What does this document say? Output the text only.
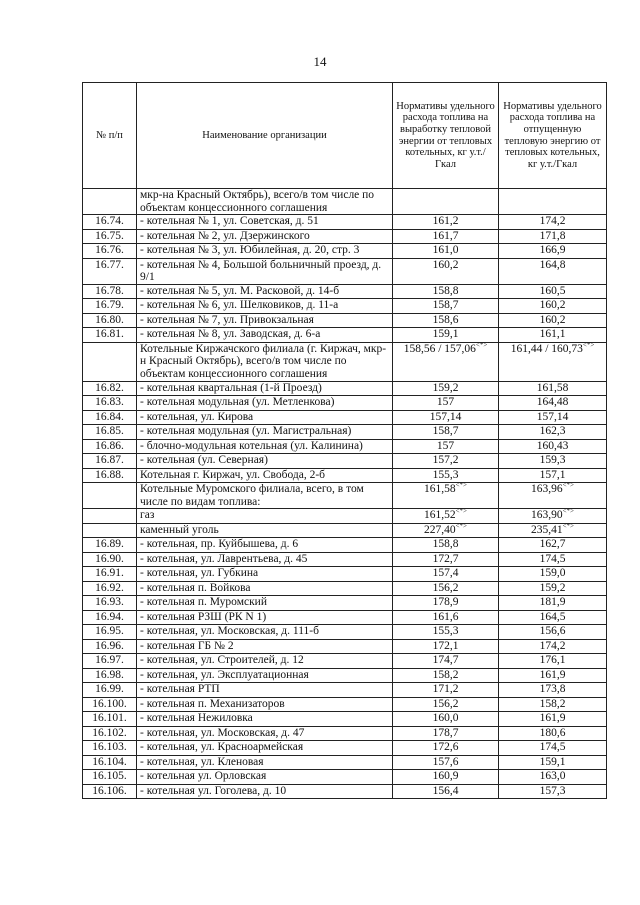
14
№ п/п	Наименование организации	Нормативы удельного расхода топлива на выработку тепловой энергии от тепловых котельных, кг у.т./Гкал	Нормативы удельного расхода топлива на отпущенную тепловую энергию от тепловых котельных, кг у.т./Гкал
	мкр-на Красный Октябрь), всего/в том числе по объектам концессионного соглашения		
16.74.	- котельная № 1, ул. Советская, д. 51	161,2	174,2
16.75.	- котельная № 2, ул. Дзержинского	161,7	171,8
16.76.	- котельная № 3, ул. Юбилейная, д. 20, стр. 3	161,0	166,9
16.77.	- котельная № 4, Большой больничный проезд, д. 9/1	160,2	164,8
16.78.	- котельная № 5, ул. М. Расковой, д. 14-б	158,8	160,5
16.79.	- котельная № 6, ул. Шелковиков, д. 11-а	158,7	160,2
16.80.	- котельная № 7, ул. Привокзальная	158,6	160,2
16.81.	- котельная № 8, ул. Заводская, д. 6-а	159,1	161,1
	Котельные Киржачского филиала (г. Киржач, мкр-н Красный Октябрь), всего/в том числе по объектам концессионного соглашения	158,56 / 157,06<*>	161,44 / 160,73<*>
16.82.	- котельная квартальная (1-й Проезд)	159,2	161,58
16.83.	- котельная модульная (ул. Метленкова)	157	164,48
16.84.	- котельная, ул. Кирова	157,14	157,14
16.85.	- котельная модульная (ул. Магистральная)	158,7	162,3
16.86.	- блочно-модульная котельная (ул. Калинина)	157	160,43
16.87.	- котельная (ул. Северная)	157,2	159,3
16.88.	Котельная г. Киржач, ул. Свобода, 2-б	155,3	157,1
	Котельные Муромского филиала, всего, в том числе по видам топлива:	161,58<*>	163,96<*>
	газ	161,52<*>	163,90<*>
	каменный уголь	227,40<*>	235,41<*>
16.89.	- котельная, пр. Куйбышева, д. 6	158,8	162,7
16.90.	- котельная, ул. Лаврентьева, д. 45	172,7	174,5
16.91.	- котельная, ул. Губкина	157,4	159,0
16.92.	- котельная п. Войкова	156,2	159,2
16.93.	- котельная п. Муромский	178,9	181,9
16.94.	- котельная РЗШ (РК N 1)	161,6	164,5
16.95.	- котельная, ул. Московская, д. 111-б	155,3	156,6
16.96.	- котельная ГБ № 2	172,1	174,2
16.97.	- котельная, ул. Строителей, д. 12	174,7	176,1
16.98.	- котельная, ул. Эксплуатационная	158,2	161,9
16.99.	- котельная РТП	171,2	173,8
16.100.	- котельная п. Механизаторов	156,2	158,2
16.101.	- котельная Нежиловка	160,0	161,9
16.102.	- котельная, ул. Московская, д. 47	178,7	180,6
16.103.	- котельная, ул. Красноармейская	172,6	174,5
16.104.	- котельная, ул. Кленовая	157,6	159,1
16.105.	- котельная ул. Орловская	160,9	163,0
16.106.	- котельная ул. Гоголева, д. 10	156,4	157,3
